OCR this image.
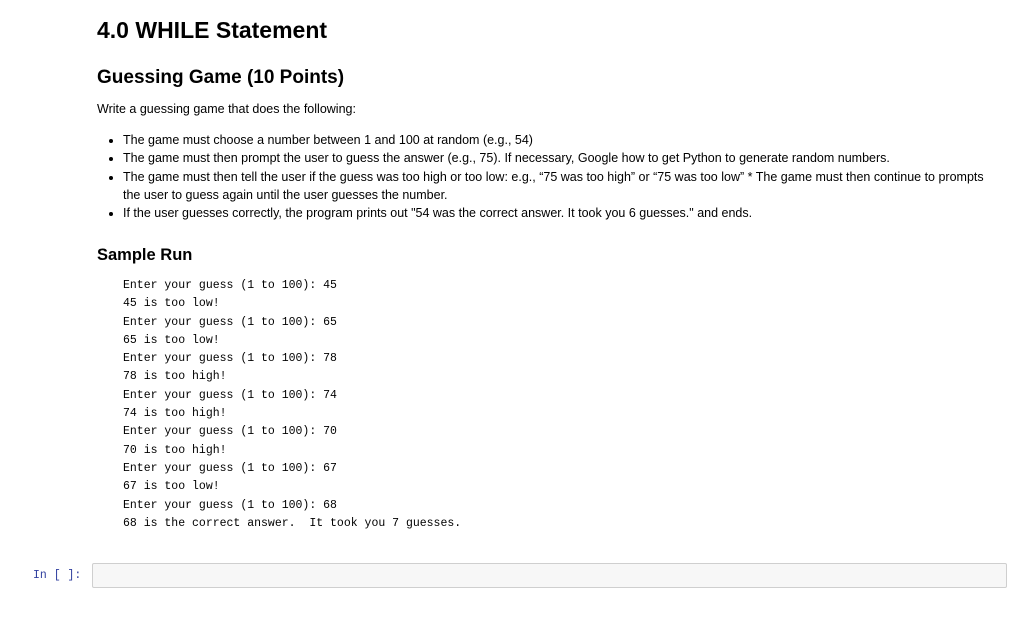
4.0 WHILE Statement
Guessing Game (10 Points)

Write a guessing game that does the following:

• The game must choose a number between 1 and 100 at random (e.g., 54)
• The game must then prompt the user to guess the answer (e.g., 75). If necessary, Google how to get Python to generate random numbers.
• The game must then tell the user if the guess was too high or too low: e.g., “75 was too high” or “75 was too low” * The game must then continue to prompts the user to guess again until the user guesses the number.
• If the user guesses correctly, the program prints out "54 was the correct answer. It took you 6 guesses." and ends.
Sample Run
Enter your guess (1 to 100): 45
45 is too low!
Enter your guess (1 to 100): 65
65 is too low!
Enter your guess (1 to 100): 78
78 is too high!
Enter your guess (1 to 100): 74
74 is too high!
Enter your guess (1 to 100): 70
70 is too high!
Enter your guess (1 to 100): 67
67 is too low!
Enter your guess (1 to 100): 68
68 is the correct answer.  It took you 7 guesses.
In [ ]:
